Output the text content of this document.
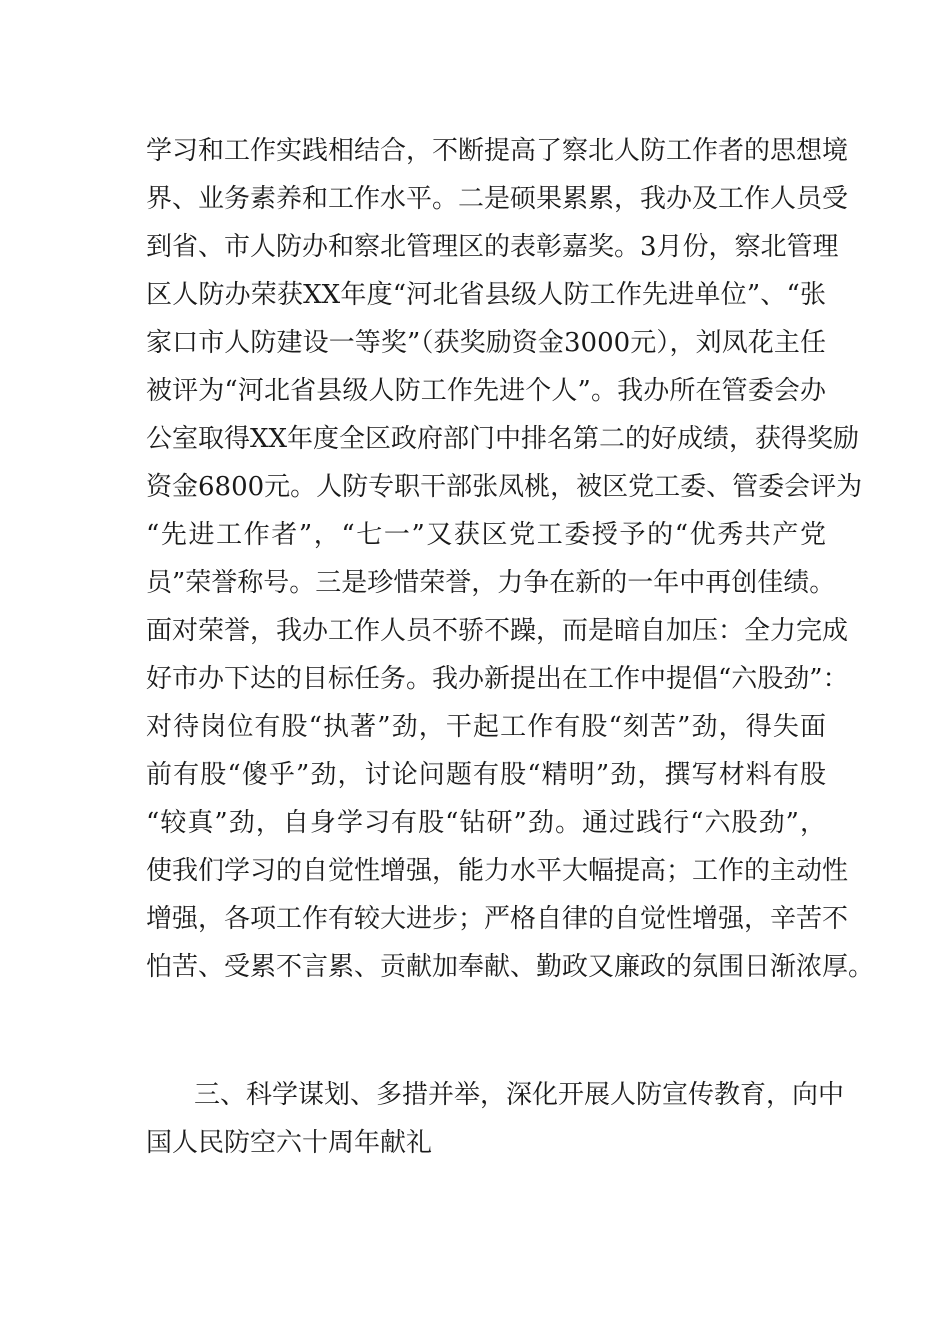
学习和工作实践相结合，不断提高了察北人防工作者的思想境
界、业务素养和工作水平。二是硕果累累，我办及工作人员受
到省、市人防办和察北管理区的表彰嘉奖。3月份，察北管理
区人防办荣获XX年度“河北省县级人防工作先进单位”、“张
家口市人防建设一等奖”（获奖励资金3000元），刘凤花主任
被评为“河北省县级人防工作先进个人”。我办所在管委会办
公室取得XX年度全区政府部门中排名第二的好成绩，获得奖励
资金6800元。人防专职干部张凤桃，被区党工委、管委会评为
“先进工作者”，“七一”又获区党工委授予的“优秀共产党
员”荣誉称号。三是珍惜荣誉，力争在新的一年中再创佳绩。
面对荣誉，我办工作人员不骄不躁，而是暗自加压：全力完成
好市办下达的目标任务。我办新提出在工作中提倡“六股劲”：
对待岗位有股“执著”劲，干起工作有股“刻苦”劲，得失面
前有股“傻乎”劲，讨论问题有股“精明”劲，撰写材料有股
“较真”劲，自身学习有股“钻研”劲。通过践行“六股劲”，
使我们学习的自觉性增强，能力水平大幅提高；工作的主动性
增强，各项工作有较大进步；严格自律的自觉性增强，辛苦不
怕苦、受累不言累、贡献加奉献、勤政又廉政的氛围日渐浓厚。
三、科学谋划、多措并举，深化开展人防宣传教育，向中
国人民防空六十周年献礼
